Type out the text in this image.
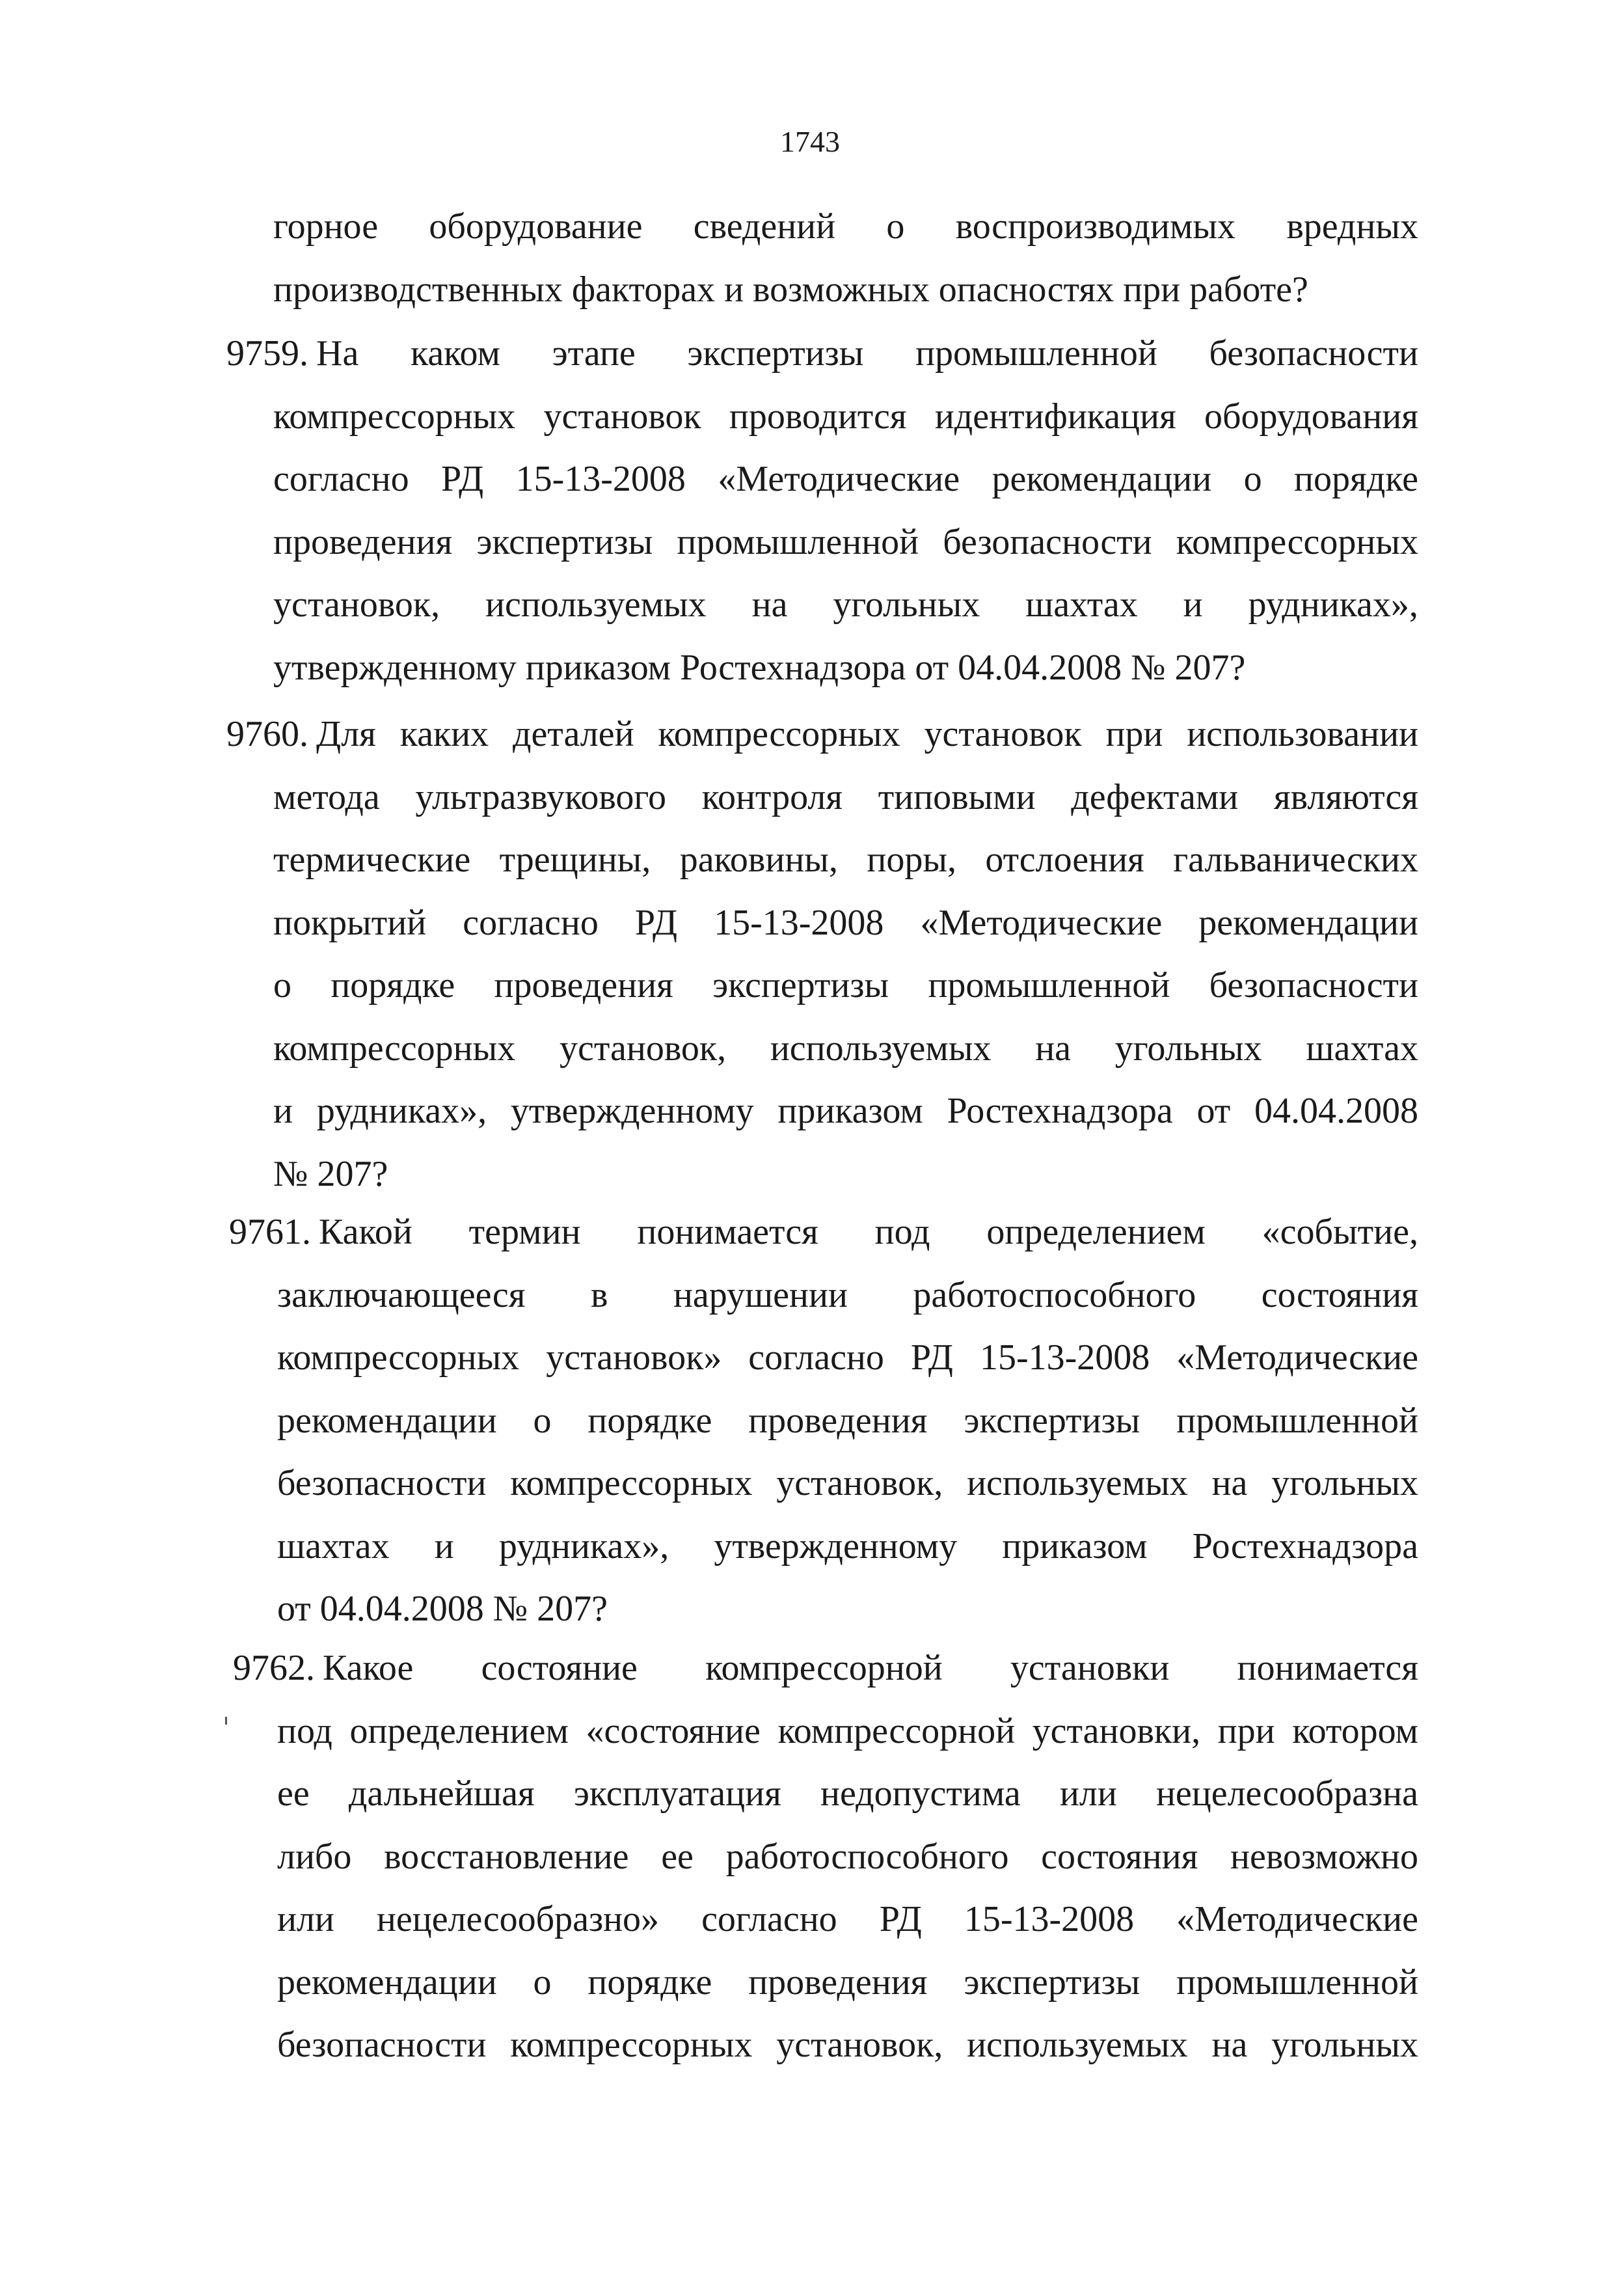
1743
горное оборудование сведений о воспроизводимых вредных
производственных факторах и возможных опасностях при работе?
9759. На каком этапе экспертизы промышленной безопасности
компрессорных установок проводится идентификация оборудования
согласно РД 15-13-2008 «Методические рекомендации о порядке
проведения экспертизы промышленной безопасности компрессорных
установок, используемых на угольных шахтах и рудниках»,
утвержденному приказом Ростехнадзора от 04.04.2008 № 207?
9760. Для каких деталей компрессорных установок при использовании
метода ультразвукового контроля типовыми дефектами являются
термические трещины, раковины, поры, отслоения гальванических
покрытий согласно РД 15-13-2008 «Методические рекомендации
о порядке проведения экспертизы промышленной безопасности
компрессорных установок, используемых на угольных шахтах
и рудниках», утвержденному приказом Ростехнадзора от 04.04.2008
№ 207?
9761. Какой термин понимается под определением «событие,
заключающееся в нарушении работоспособного состояния
компрессорных установок» согласно РД 15-13-2008 «Методические
рекомендации о порядке проведения экспертизы промышленной
безопасности компрессорных установок, используемых на угольных
шахтах и рудниках», утвержденному приказом Ростехнадзора
от 04.04.2008 № 207?
9762. Какое состояние компрессорной установки понимается
под определением «состояние компрессорной установки, при котором
ее дальнейшая эксплуатация недопустима или нецелесообразна
либо восстановление ее работоспособного состояния невозможно
или нецелесообразно» согласно РД 15-13-2008 «Методические
рекомендации о порядке проведения экспертизы промышленной
безопасности компрессорных установок, используемых на угольных
